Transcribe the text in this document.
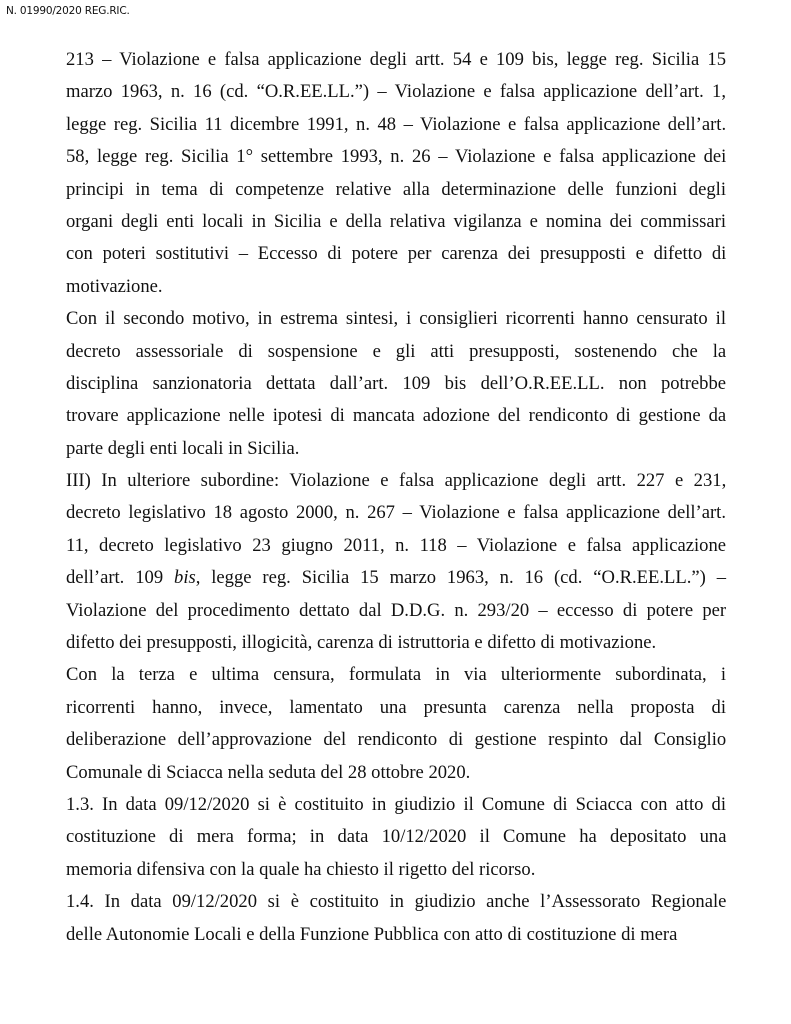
N. 01990/2020 REG.RIC.
213 – Violazione e falsa applicazione degli artt. 54 e 109 bis, legge reg. Sicilia 15
marzo 1963, n. 16 (cd. “O.R.EE.LL.”) – Violazione e falsa applicazione dell’art. 1,
legge reg. Sicilia 11 dicembre 1991, n. 48 – Violazione e falsa applicazione dell’art.
58, legge reg. Sicilia 1° settembre 1993, n. 26 – Violazione e falsa applicazione dei
principi in tema di competenze relative alla determinazione delle funzioni degli
organi degli enti locali in Sicilia e della relativa vigilanza e nomina dei commissari
con poteri sostitutivi – Eccesso di potere per carenza dei presupposti e difetto di
motivazione.
Con il secondo motivo, in estrema sintesi, i consiglieri ricorrenti hanno censurato il
decreto assessoriale di sospensione e gli atti presupposti, sostenendo che la
disciplina sanzionatoria dettata dall’art. 109 bis dell’O.R.EE.LL. non potrebbe
trovare applicazione nelle ipotesi di mancata adozione del rendiconto di gestione da
parte degli enti locali in Sicilia.
III) In ulteriore subordine: Violazione e falsa applicazione degli artt. 227 e 231,
decreto legislativo 18 agosto 2000, n. 267 – Violazione e falsa applicazione dell’art.
11, decreto legislativo 23 giugno 2011, n. 118 – Violazione e falsa applicazione
dell’art. 109 bis, legge reg. Sicilia 15 marzo 1963, n. 16 (cd. “O.R.EE.LL.”) –
Violazione del procedimento dettato dal D.D.G. n. 293/20 – eccesso di potere per
difetto dei presupposti, illogicità, carenza di istruttoria e difetto di motivazione.
Con la terza e ultima censura, formulata in via ulteriormente subordinata, i
ricorrenti hanno, invece, lamentato una presunta carenza nella proposta di
deliberazione dell’approvazione del rendiconto di gestione respinto dal Consiglio
Comunale di Sciacca nella seduta del 28 ottobre 2020.
1.3. In data 09/12/2020 si è costituito in giudizio il Comune di Sciacca con atto di
costituzione di mera forma; in data 10/12/2020 il Comune ha depositato una
memoria difensiva con la quale ha chiesto il rigetto del ricorso.
1.4. In data 09/12/2020 si è costituito in giudizio anche l’Assessorato Regionale
delle Autonomie Locali e della Funzione Pubblica con atto di costituzione di mera
